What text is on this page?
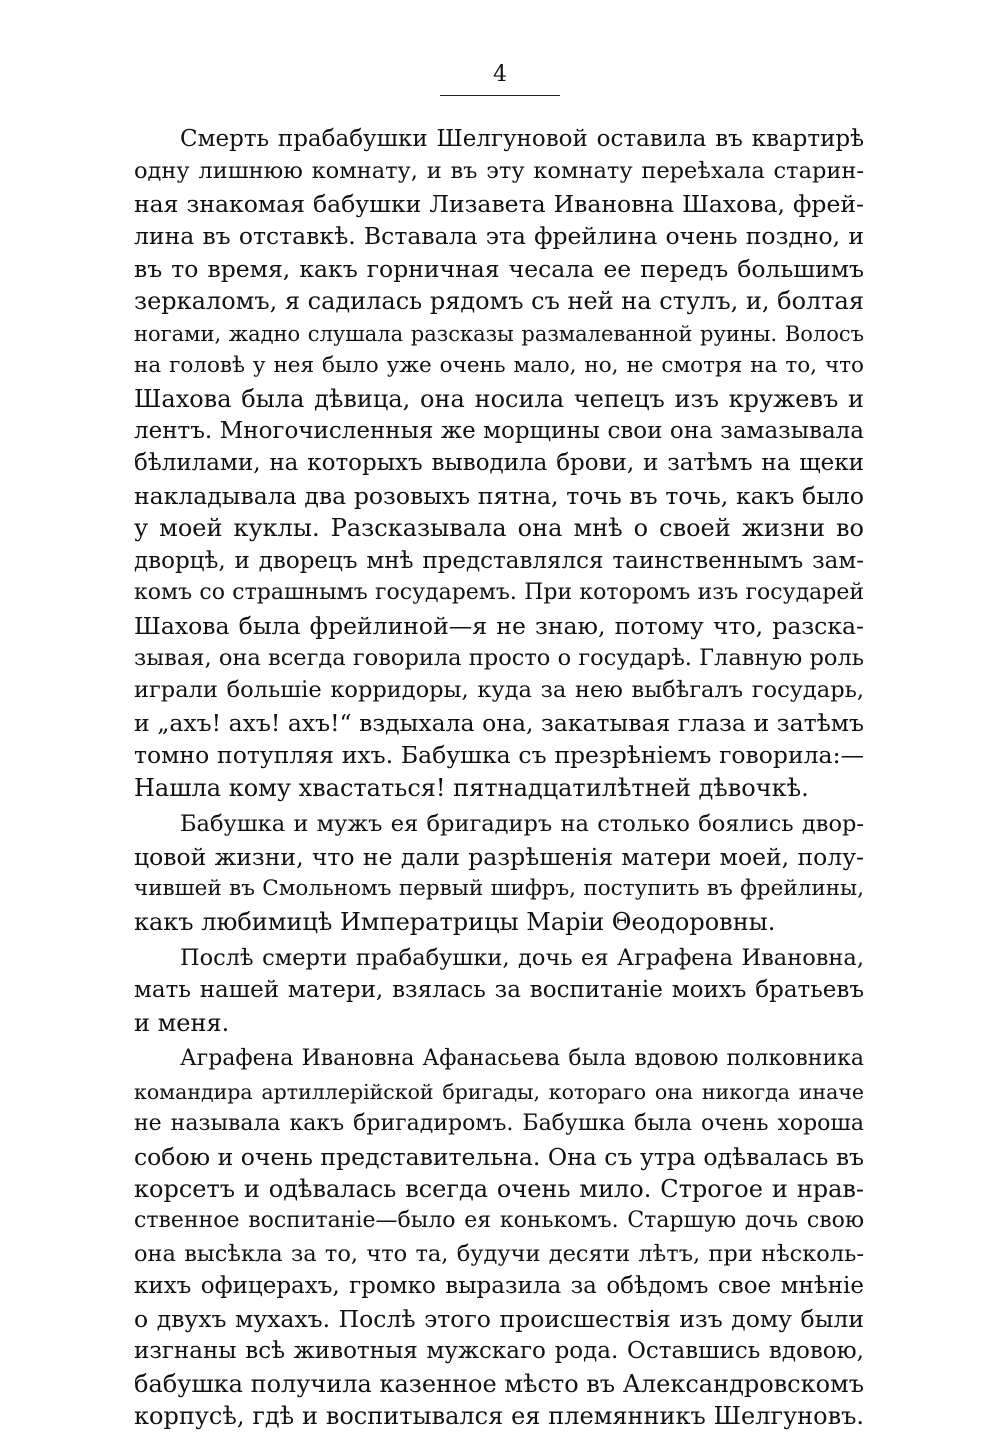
4
Смерть прабабушки Шелгуновой оставила въ квартирѣ
одну лишнюю комнату, и въ эту комнату переѣхала старин-
ная знакомая бабушки Лизавета Ивановна Шахова, фрей-
лина въ отставкѣ. Вставала эта фрейлина очень поздно, и
въ то время, какъ горничная чесала ее передъ большимъ
зеркаломъ, я садилась рядомъ съ ней на стулъ, и, болтая
ногами, жадно слушала разсказы размалеванной руины. Волосъ
на головѣ у нея было уже очень мало, но, не смотря на то, что
Шахова была дѣвица, она носила чепецъ изъ кружевъ и
лентъ. Многочисленныя же морщины свои она замазывала
бѣлилами, на которыхъ выводила брови, и затѣмъ на щеки
накладывала два розовыхъ пятна, точь въ точь, какъ было
у моей куклы. Разсказывала она мнѣ о своей жизни во
дворцѣ, и дворецъ мнѣ представлялся таинственнымъ зам-
комъ со страшнымъ государемъ. При которомъ изъ государей
Шахова была фрейлиной—я не знаю, потому что, разска-
зывая, она всегда говорила просто о государѣ. Главную роль
играли большіе корридоры, куда за нею выбѣгалъ государь,
и „ахъ! ахъ! ахъ!“ вздыхала она, закатывая глаза и затѣмъ
томно потупляя ихъ. Бабушка съ презрѣніемъ говорила:—
Нашла кому хвастаться! пятнадцатилѣтней дѣвочкѣ.
Бабушка и мужъ ея бригадиръ на столько боялись двор-
цовой жизни, что не дали разрѣшенія матери моей, полу-
чившей въ Смольномъ первый шифръ, поступить въ фрейлины,
какъ любимицѣ Императрицы Маріи Θеодоровны.
Послѣ смерти прабабушки, дочь ея Аграфена Ивановна,
мать нашей матери, взялась за воспитаніе моихъ братьевъ
и меня.
Аграфена Ивановна Афанасьева была вдовою полковника
командира артиллерійской бригады, котораго она никогда иначе
не называла какъ бригадиромъ. Бабушка была очень хороша
собою и очень представительна. Она съ утра одѣвалась въ
корсетъ и одѣвалась всегда очень мило. Строгое и нрав-
ственное воспитаніе—было ея конькомъ. Старшую дочь свою
она высѣкла за то, что та, будучи десяти лѣтъ, при нѣсколь-
кихъ офицерахъ, громко выразила за обѣдомъ свое мнѣніе
о двухъ мухахъ. Послѣ этого происшествія изъ дому были
изгнаны всѣ животныя мужскаго рода. Оставшись вдовою,
бабушка получила казенное мѣсто въ Александровскомъ
корпусѣ, гдѣ и воспитывался ея племянникъ Шелгуновъ.
